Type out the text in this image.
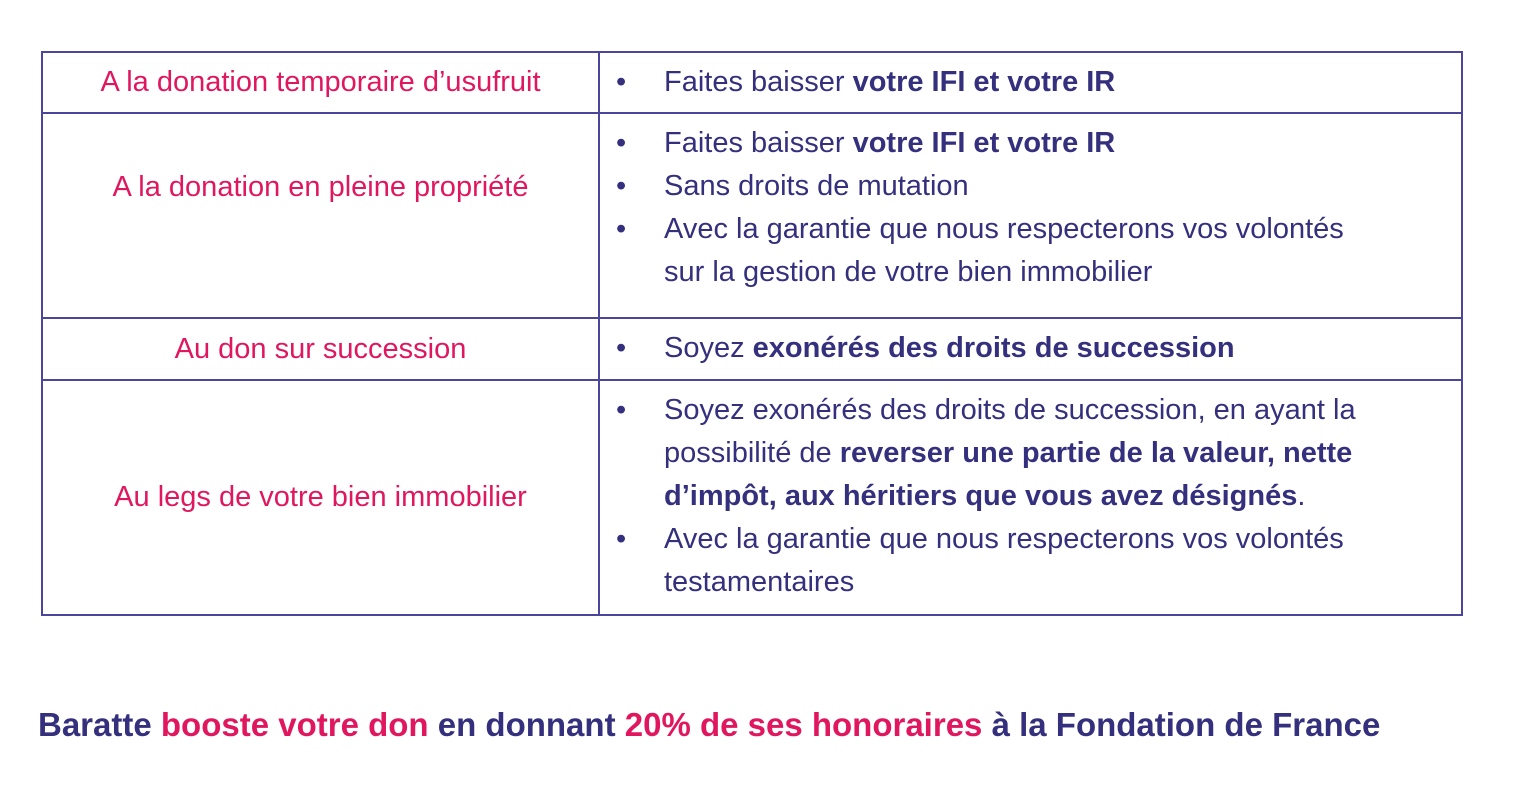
A la donation temporaire d’usufruit	
•Faites baisser votre IFI et votre IR

A la donation en pleine propriété	
• Faites baisser votre IFI et votre IR
• Sans droits de mutation
• Avec la garantie que nous respecterons vos volontés sur la gestion de votre bien immobilier

Au don sur succession	
•Soyez exonérés des droits de succession

Au legs de votre bien immobilier	
• Soyez exonérés des droits de succession, en ayant la possibilité de reverser une partie de la valeur, nette d’impôt, aux héritiers que vous avez désignés.
• Avec la garantie que nous respecterons vos volontés testamentaires

Baratte booste votre don en donnant 20% de ses honoraires à la Fondation de France
